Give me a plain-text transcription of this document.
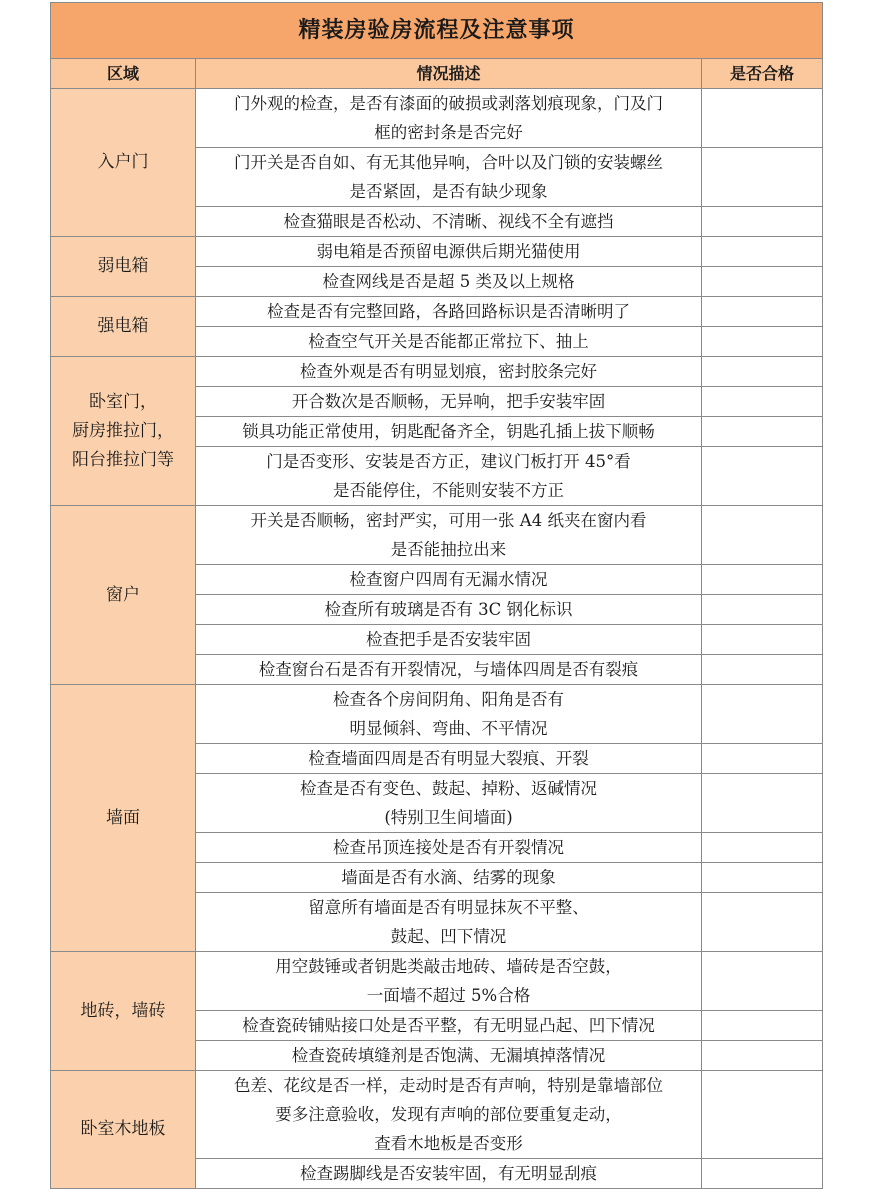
精装房验房流程及注意事项		
区域	情况描述	是否合格
入户门	门外观的检查，是否有漆面的破损或剥落划痕现象，门及门
框的密封条是否完好	

	门开关是否自如、有无其他异响，合叶以及门锁的安装螺丝
是否紧固，是否有缺少现象	

	检查猫眼是否松动、不清晰、视线不全有遮挡	

弱电箱	弱电箱是否预留电源供后期光猫使用	

	检查网线是否是超 5 类及以上规格	

强电箱	检查是否有完整回路，各路回路标识是否清晰明了	

	检查空气开关是否能都正常拉下、抽上	

卧室门，
厨房推拉门，
阳台推拉门等	检查外观是否有明显划痕，密封胶条完好	

	开合数次是否顺畅，无异响，把手安装牢固	

	锁具功能正常使用，钥匙配备齐全，钥匙孔插上拔下顺畅	

	门是否变形、安装是否方正，建议门板打开 45°看
是否能停住，不能则安装不方正	

窗户	开关是否顺畅，密封严实，可用一张 A4 纸夹在窗内看
是否能抽拉出来	

	检查窗户四周有无漏水情况	

	检查所有玻璃是否有 3C 钢化标识	

	检查把手是否安装牢固	

	检查窗台石是否有开裂情况，与墙体四周是否有裂痕	

墙面	检查各个房间阴角、阳角是否有
明显倾斜、弯曲、不平情况	

	检查墙面四周是否有明显大裂痕、开裂	

	检查是否有变色、鼓起、掉粉、返碱情况
(特别卫生间墙面)	

	检查吊顶连接处是否有开裂情况	

	墙面是否有水滴、结雾的现象	

	留意所有墙面是否有明显抹灰不平整、
鼓起、凹下情况	

地砖，墙砖	用空鼓锤或者钥匙类敲击地砖、墙砖是否空鼓，
一面墙不超过 5%合格	

	检查瓷砖铺贴接口处是否平整，有无明显凸起、凹下情况	

	检查瓷砖填缝剂是否饱满、无漏填掉落情况	

卧室木地板	色差、花纹是否一样，走动时是否有声响，特别是靠墙部位
要多注意验收，发现有声响的部位要重复走动，
查看木地板是否变形	

	检查踢脚线是否安装牢固，有无明显刮痕	
